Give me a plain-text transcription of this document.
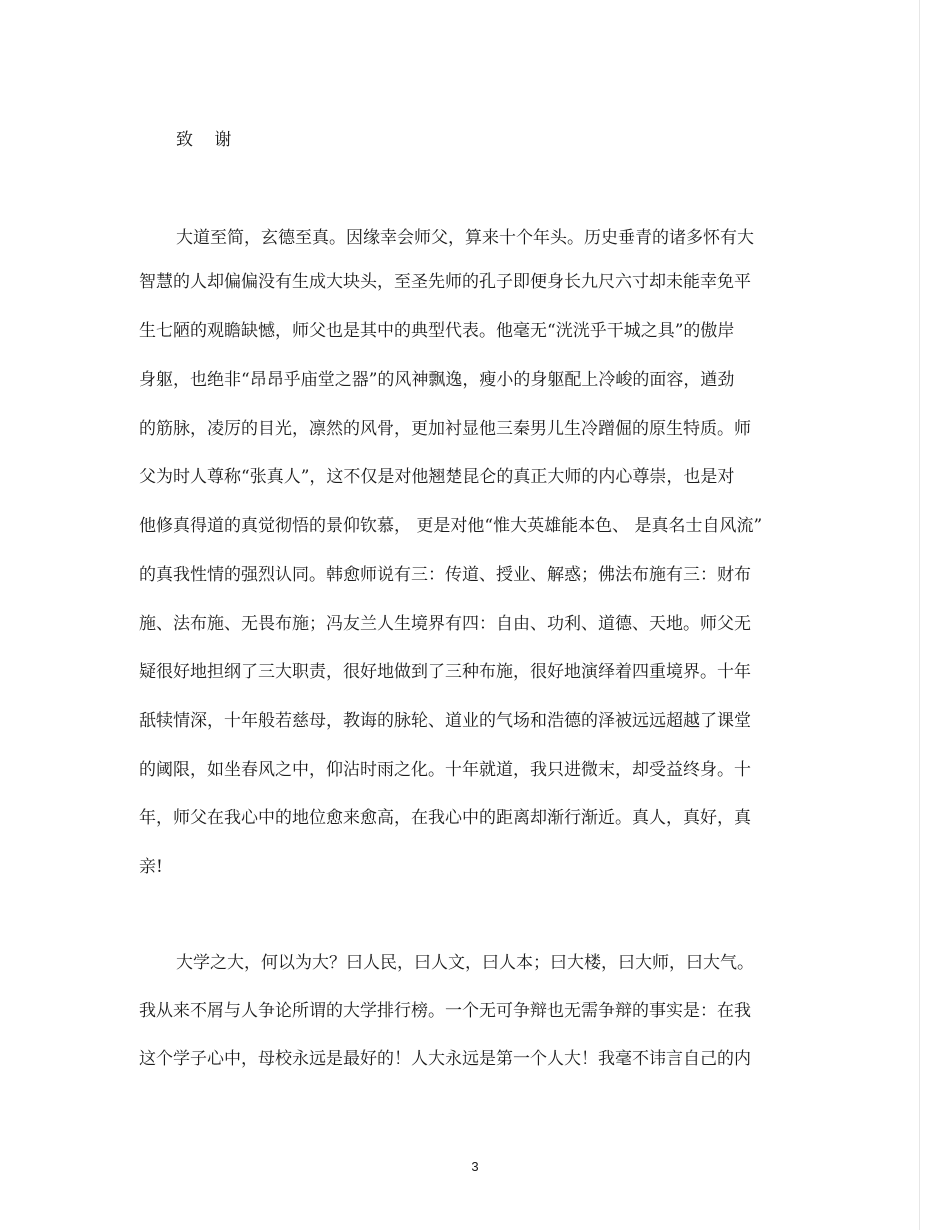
致 谢
大道至简，玄德至真。因缘幸会师父，算来十个年头。历史垂青的诸多怀有大
智慧的人却偏偏没有生成大块头，至圣先师的孔子即便身长九尺六寸却未能幸免平
生七陋的观瞻缺憾，师父也是其中的典型代表。他毫无“洸洸乎干城之具”的傲岸
身躯，也绝非“昂昂乎庙堂之器”的风神飘逸，瘦小的身躯配上冷峻的面容，遒劲
的筋脉，凌厉的目光，凛然的风骨，更加衬显他三秦男儿生冷蹭倔的原生特质。师
父为时人尊称“张真人”，这不仅是对他翘楚昆仑的真正大师的内心尊崇，也是对
他修真得道的真觉彻悟的景仰钦慕， 更是对他“惟大英雄能本色、 是真名士自风流”
的真我性情的强烈认同。韩愈师说有三：传道、授业、解惑；佛法布施有三：财布
施、法布施、无畏布施；冯友兰人生境界有四：自由、功利、道德、天地。师父无
疑很好地担纲了三大职责，很好地做到了三种布施，很好地演绎着四重境界。十年
舐犊情深，十年般若慈母，教诲的脉轮、道业的气场和浩德的泽被远远超越了课堂
的阈限，如坐春风之中，仰沾时雨之化。十年就道，我只进微末，却受益终身。十
年，师父在我心中的地位愈来愈高，在我心中的距离却渐行渐近。真人，真好，真
亲!
大学之大，何以为大？曰人民，曰人文，曰人本；曰大楼，曰大师，曰大气。
我从来不屑与人争论所谓的大学排行榜。一个无可争辩也无需争辩的事实是：在我
这个学子心中，母校永远是最好的！人大永远是第一个人大！我毫不讳言自己的内
3
